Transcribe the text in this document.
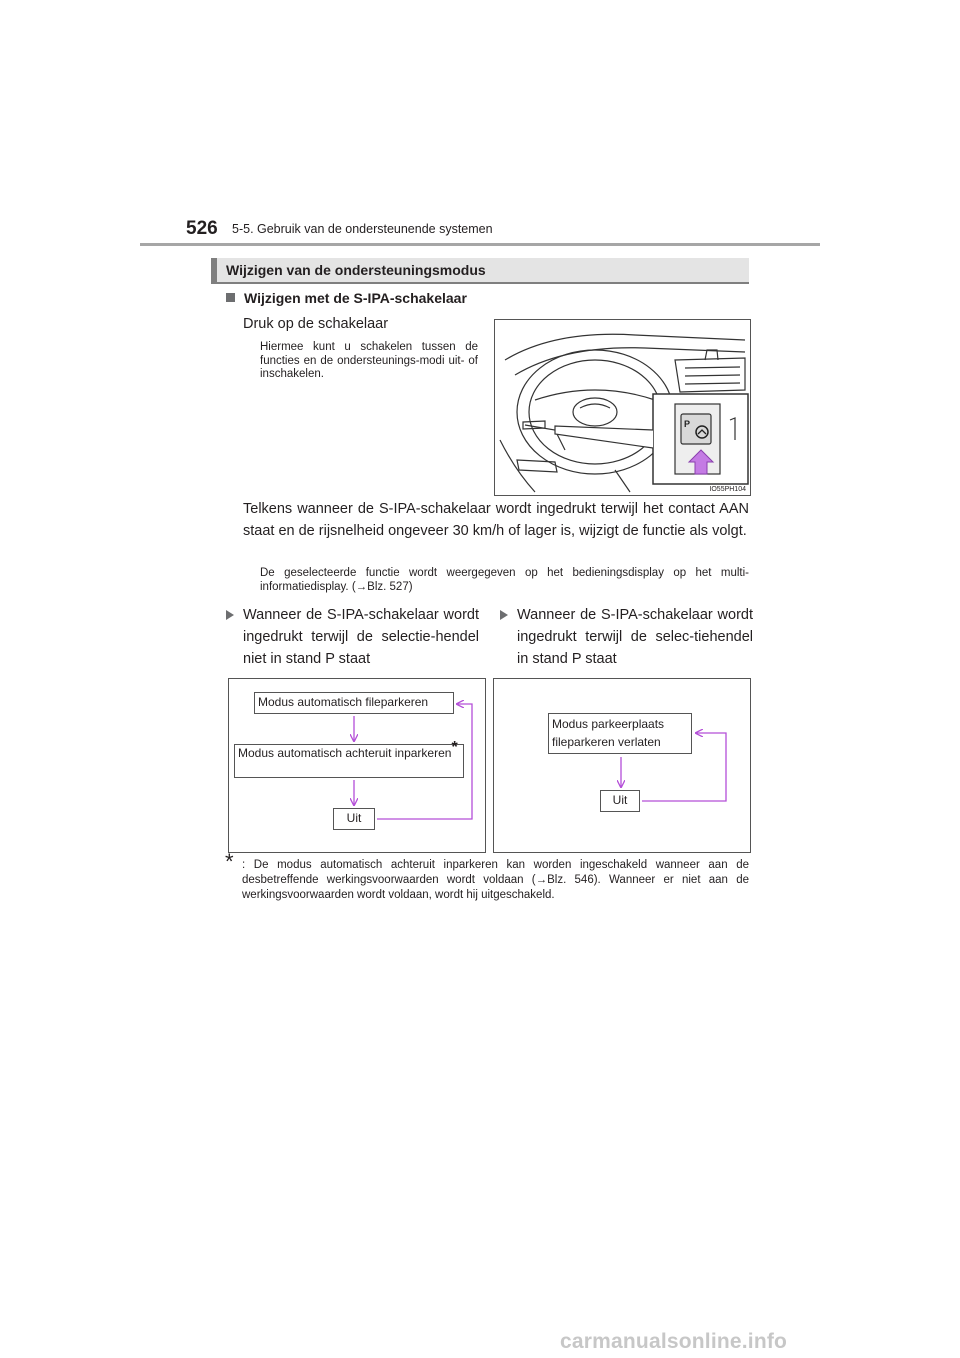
526 5-5. Gebruik van de ondersteunende systemen
Wijzigen van de ondersteuningsmodus
Wijzigen met de S-IPA-schakelaar
Druk op de schakelaar
Hiermee kunt u schakelen tussen de functies en de ondersteunings-modi uit- of inschakelen.
P
IO55PH104
Telkens wanneer de S-IPA-schakelaar wordt ingedrukt terwijl het contact AAN staat en de rijsnelheid ongeveer 30 km/h of lager is, wijzigt de functie als volgt.
De geselecteerde functie wordt weergegeven op het bedieningsdisplay op het multi-informatiedisplay. (→Blz. 527)
Wanneer de S-IPA-schakelaar wordt ingedrukt terwijl de selectie-hendel niet in stand P staat
Wanneer de S-IPA-schakelaar wordt ingedrukt terwijl de selec-tiehendel in stand P staat
Modus automatisch fileparkeren
Modus automatisch achteruit inparkeren*
Uit
Modus parkeerplaats fileparkeren verlaten
Uit
* : De modus automatisch achteruit inparkeren kan worden ingeschakeld wanneer aan de desbetreffende werkingsvoorwaarden wordt voldaan (→Blz. 546). Wanneer er niet aan de werkingsvoorwaarden wordt voldaan, wordt hij uitgeschakeld.
carmanualsonline.info
